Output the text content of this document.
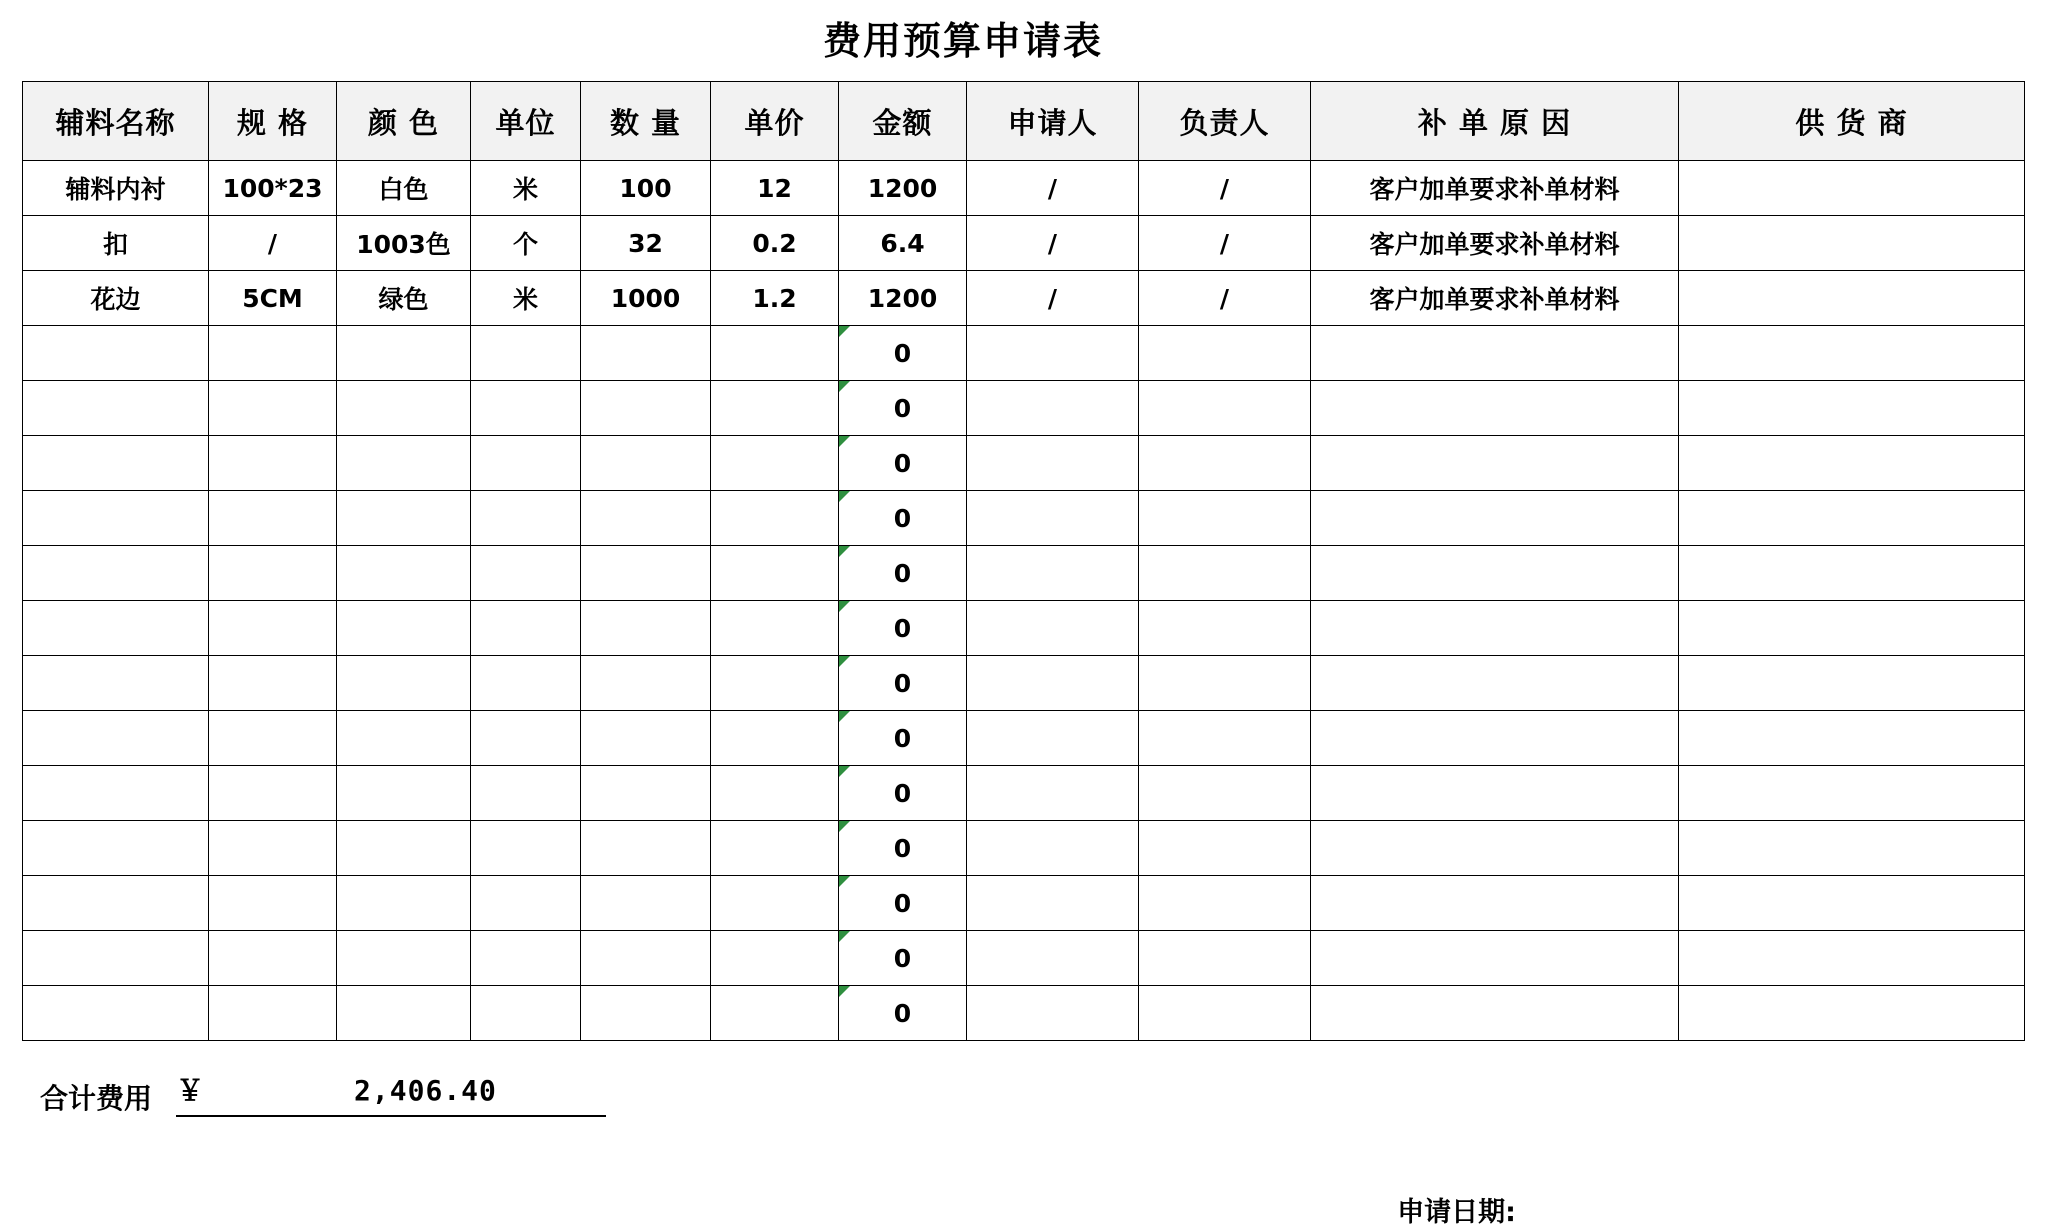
费用预算申请表
辅料名称	规 格	颜 色	单位	数 量	单价	金额	申请人	负责人	补 单 原 因	供 货 商
辅料内衬	100*23	白色	米	100	12	1200	/	/	客户加单要求补单材料	
扣	/	1003色	个	32	0.2	6.4	/	/	客户加单要求补单材料	
花边	5CM	绿色	米	1000	1.2	1200	/	/	客户加单要求补单材料	
						0				
						0				
						0				
						0				
						0				
						0				
						0				
						0				
						0				
						0				
						0				
						0				
						0				
合计费用 ￥	2,406.40
申请日期:
